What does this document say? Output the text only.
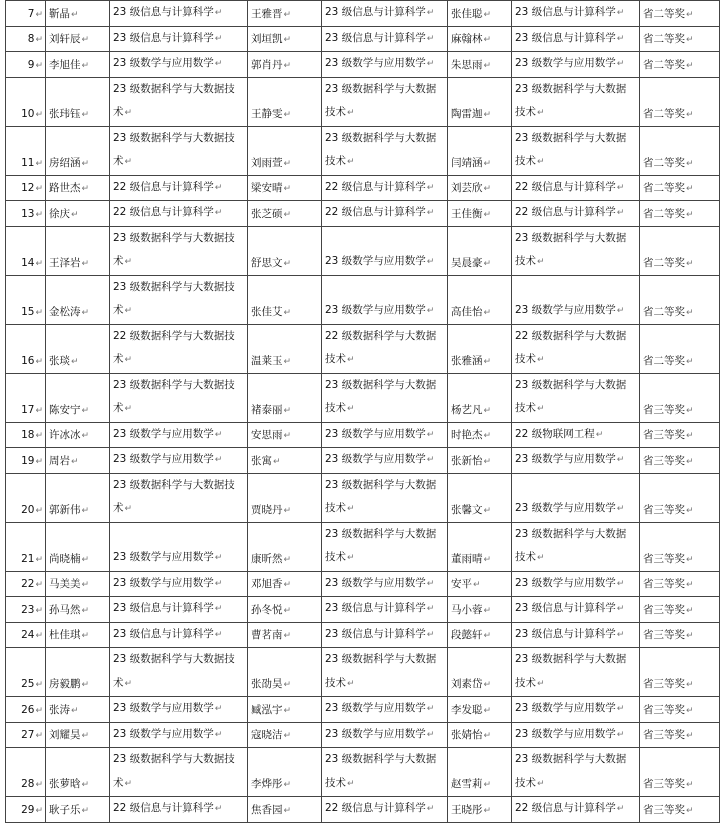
7↵	靳晶↵	23 级信息与计算科学↵	王雅晋↵	23 级信息与计算科学↵	张佳聪↵	23 级信息与计算科学↵	省二等奖↵
8↵	刘轩辰↵	23 级信息与计算科学↵	刘垣凯↵	23 级信息与计算科学↵	麻翰林↵	23 级信息与计算科学↵	省二等奖↵
9↵	李旭佳↵	23 级数学与应用数学↵	郭肖丹↵	23 级数学与应用数学↵	朱思雨↵	23 级数学与应用数学↵	省二等奖↵
10↵	张玮钰↵	23 级数据科学与大数据技术↵	王静雯↵	23 级数据科学与大数据技术↵	陶雷迦↵	23 级数据科学与大数据技术↵	省二等奖↵
11↵	房绍涵↵	23 级数据科学与大数据技术↵	刘雨萱↵	23 级数据科学与大数据技术↵	闫靖涵↵	23 级数据科学与大数据技术↵	省二等奖↵
12↵	路世杰↵	22 级信息与计算科学↵	梁安晴↵	22 级信息与计算科学↵	刘芸欣↵	22 级信息与计算科学↵	省二等奖↵
13↵	徐庆↵	22 级信息与计算科学↵	张芝硕↵	22 级信息与计算科学↵	王佳衡↵	22 级信息与计算科学↵	省二等奖↵
14↵	王泽岩↵	23 级数据科学与大数据技术↵	舒思文↵	23 级数学与应用数学↵	吴晨豪↵	23 级数据科学与大数据技术↵	省二等奖↵
15↵	金松涛↵	23 级数据科学与大数据技术↵	张佳艾↵	23 级数学与应用数学↵	高佳怡↵	23 级数学与应用数学↵	省二等奖↵
16↵	张琰↵	22 级数据科学与大数据技术↵	温莱玉↵	22 级数据科学与大数据技术↵	张雅涵↵	22 级数据科学与大数据技术↵	省二等奖↵
17↵	陈安宁↵	23 级数据科学与大数据技术↵	褚泰丽↵	23 级数据科学与大数据技术↵	杨艺凡↵	23 级数据科学与大数据技术↵	省三等奖↵
18↵	许冰冰↵	23 级数学与应用数学↵	安思雨↵	23 级数学与应用数学↵	时艳杰↵	22 级物联网工程↵	省三等奖↵
19↵	周岩↵	23 级数学与应用数学↵	张寓↵	23 级数学与应用数学↵	张新怡↵	23 级数学与应用数学↵	省三等奖↵
20↵	郭新伟↵	23 级数据科学与大数据技术↵	贾晓丹↵	23 级数据科学与大数据技术↵	张馨文↵	23 级数学与应用数学↵	省三等奖↵
21↵	尚晓楠↵	23 级数学与应用数学↵	康昕然↵	23 级数据科学与大数据技术↵	董雨晴↵	23 级数据科学与大数据技术↵	省三等奖↵
22↵	马美美↵	23 级数学与应用数学↵	邓旭香↵	23 级数学与应用数学↵	安平↵	23 级数学与应用数学↵	省三等奖↵
23↵	孙马然↵	23 级信息与计算科学↵	孙冬悦↵	23 级信息与计算科学↵	马小蓉↵	23 级信息与计算科学↵	省三等奖↵
24↵	杜佳琪↵	23 级信息与计算科学↵	曹茗南↵	23 级信息与计算科学↵	段懿轩↵	23 级信息与计算科学↵	省三等奖↵
25↵	房毅鹏↵	23 级数据科学与大数据技术↵	张劭昊↵	23 级数据科学与大数据技术↵	刘素岱↵	23 级数据科学与大数据技术↵	省三等奖↵
26↵	张涛↵	23 级数学与应用数学↵	臧泓宇↵	23 级数学与应用数学↵	李发聪↵	23 级数学与应用数学↵	省三等奖↵
27↵	刘耀昊↵	23 级数学与应用数学↵	寇晓洁↵	23 级数学与应用数学↵	张婧怡↵	23 级数学与应用数学↵	省三等奖↵
28↵	张萝晗↵	23 级数据科学与大数据技术↵	李烨彤↵	23 级数据科学与大数据技术↵	赵雪莉↵	23 级数据科学与大数据技术↵	省三等奖↵
29↵	耿子乐↵	22 级信息与计算科学↵	焦香园↵	22 级信息与计算科学↵	王晓彤↵	22 级信息与计算科学↵	省三等奖↵
